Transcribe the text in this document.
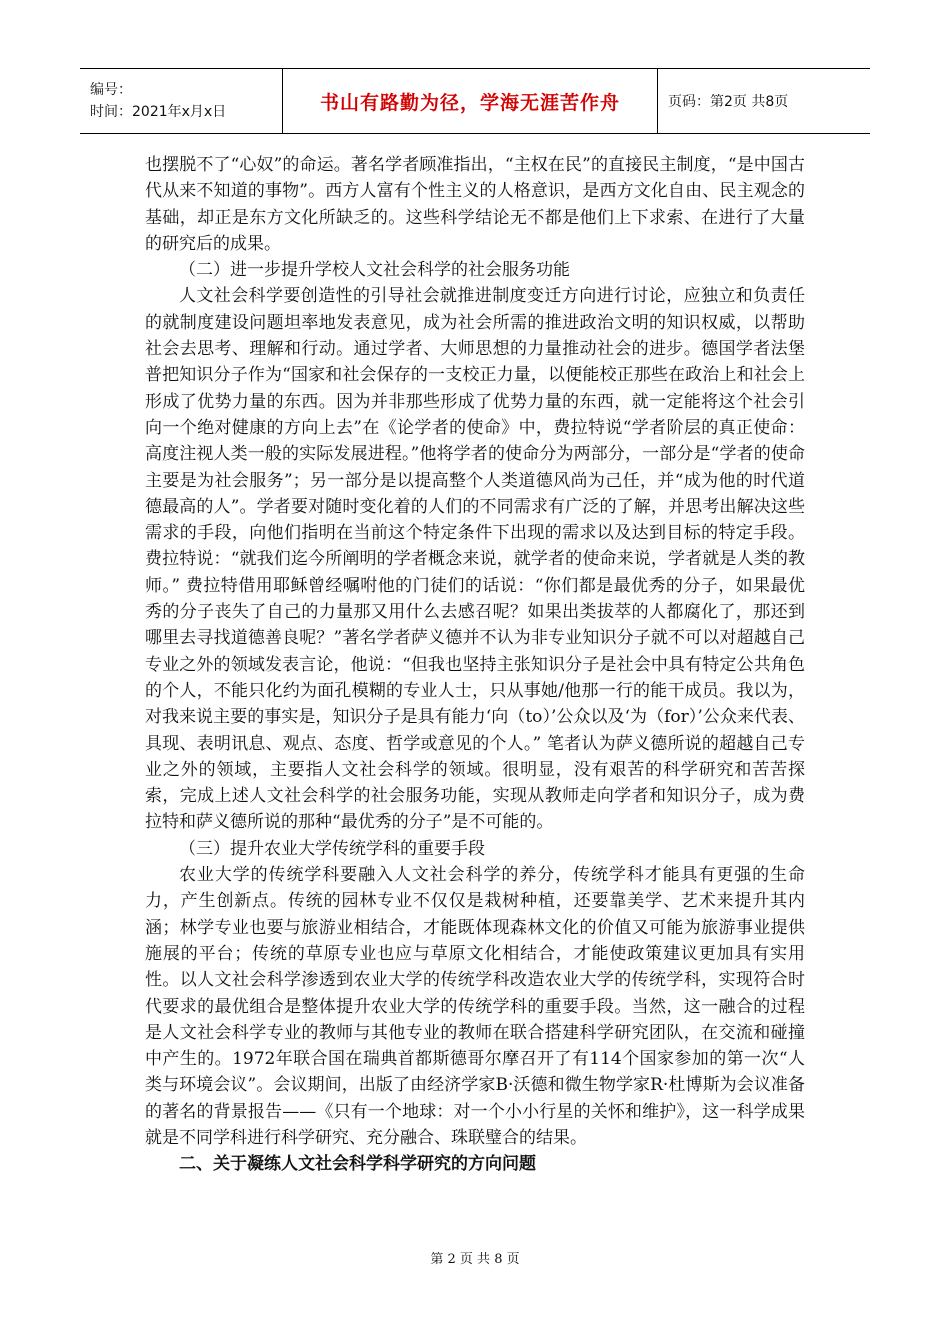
编号：
时间：2021年x月x日	书山有路勤为径，学海无涯苦作舟	页码：第2页 共8页

也摆脱不了“心奴”的命运。著名学者顾准指出，“主权在民”的直接民主制度，“是中国古代从来不知道的事物”。西方人富有个性主义的人格意识，是西方文化自由、民主观念的基础，却正是东方文化所缺乏的。这些科学结论无不都是他们上下求索、在进行了大量的研究后的成果。

（二）进一步提升学校人文社会科学的社会服务功能

人文社会科学要创造性的引导社会就推进制度变迁方向进行讨论，应独立和负责任的就制度建设问题坦率地发表意见，成为社会所需的推进政治文明的知识权威，以帮助社会去思考、理解和行动。通过学者、大师思想的力量推动社会的进步。德国学者法堡普把知识分子作为“国家和社会保存的一支校正力量，以便能校正那些在政治上和社会上形成了优势力量的东西。因为并非那些形成了优势力量的东西，就一定能将这个社会引向一个绝对健康的方向上去”在《论学者的使命》中，费拉特说“学者阶层的真正使命：高度注视人类一般的实际发展进程。”他将学者的使命分为两部分，一部分是“学者的使命主要是为社会服务”；另一部分是以提高整个人类道德风尚为己任，并“成为他的时代道德最高的人”。学者要对随时变化着的人们的不同需求有广泛的了解，并思考出解决这些需求的手段，向他们指明在当前这个特定条件下出现的需求以及达到目标的特定手段。费拉特说：“就我们迄今所阐明的学者概念来说，就学者的使命来说，学者就是人类的教师。” 费拉特借用耶稣曾经嘱咐他的门徒们的话说：“你们都是最优秀的分子，如果最优秀的分子丧失了自己的力量那又用什么去感召呢？如果出类拔萃的人都腐化了，那还到哪里去寻找道德善良呢？”著名学者萨义德并不认为非专业知识分子就不可以对超越自己专业之外的领域发表言论，他说：“但我也坚持主张知识分子是社会中具有特定公共角色的个人，不能只化约为面孔模糊的专业人士，只从事她/他那一行的能干成员。我以为，对我来说主要的事实是，知识分子是具有能力‘向（to）’公众以及‘为（for）’公众来代表、具现、表明讯息、观点、态度、哲学或意见的个人。” 笔者认为萨义德所说的超越自己专业之外的领域，主要指人文社会科学的领域。很明显，没有艰苦的科学研究和苦苦探索，完成上述人文社会科学的社会服务功能，实现从教师走向学者和知识分子，成为费拉特和萨义德所说的那种“最优秀的分子”是不可能的。

（三）提升农业大学传统学科的重要手段

农业大学的传统学科要融入人文社会科学的养分，传统学科才能具有更强的生命力，产生创新点。传统的园林专业不仅仅是栽树种植，还要靠美学、艺术来提升其内涵；林学专业也要与旅游业相结合，才能既体现森林文化的价值又可能为旅游事业提供施展的平台；传统的草原专业也应与草原文化相结合，才能使政策建议更加具有实用性。以人文社会科学渗透到农业大学的传统学科改造农业大学的传统学科，实现符合时代要求的最优组合是整体提升农业大学的传统学科的重要手段。当然，这一融合的过程是人文社会科学专业的教师与其他专业的教师在联合搭建科学研究团队，在交流和碰撞中产生的。1972年联合国在瑞典首都斯德哥尔摩召开了有114个国家参加的第一次“人类与环境会议”。会议期间，出版了由经济学家B·沃德和微生物学家R·杜博斯为会议准备的著名的背景报告——《只有一个地球：对一个小小行星的关怀和维护》，这一科学成果就是不同学科进行科学研究、充分融合、珠联璧合的结果。

二、关于凝练人文社会科学科学研究的方向问题

第 2 页 共 8 页
